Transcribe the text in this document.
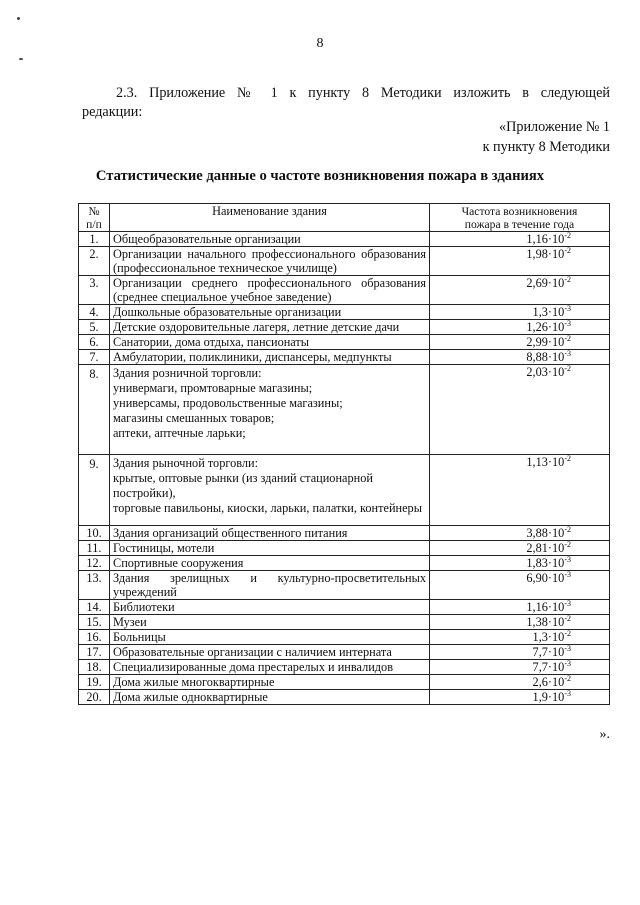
8
2.3. Приложение № 1 к пункту 8 Методики изложить в следующей
редакции:
«Приложение № 1
к пункту 8 Методики
Статистические данные о частоте возникновения пожара в зданиях
№
п/п	Наименование здания	Частота возникновения
пожара в течение года
1.	Общеобразовательные организации	$1,16\cdot 10^{-2}$
2.	Организации начального профессионального образования
(профессиональное техническое училище)	$1,98\cdot 10^{-2}$
3.	Организации среднего профессионального образования
(среднее специальное учебное заведение)	$2,69\cdot 10^{-2}$
4.	Дошкольные образовательные организации	$1,3\cdot 10^{-3}$
5.	Детские оздоровительные лагеря, летние детские дачи	$1,26\cdot 10^{-3}$
6.	Санатории, дома отдыха, пансионаты	$2,99\cdot 10^{-2}$
7.	Амбулатории, поликлиники, диспансеры, медпункты	$8,88\cdot 10^{-3}$
8.	Здания розничной торговли:
универмаги, промтоварные магазины;
универсамы, продовольственные магазины;
магазины смешанных товаров;
аптеки, аптечные ларьки;	$2,03\cdot 10^{-2}$
9.	Здания рыночной торговли:
крытые, оптовые рынки (из зданий стационарной
постройки),
торговые павильоны, киоски, ларьки, палатки, контейнеры	$1,13\cdot 10^{-2}$
10.	Здания организаций общественного питания	$3,88\cdot 10^{-2}$
11.	Гостиницы, мотели	$2,81\cdot 10^{-2}$
12.	Спортивные сооружения	$1,83\cdot 10^{-3}$
13.	Здания зрелищных и культурно-просветительных
учреждений	$6,90\cdot 10^{-3}$
14.	Библиотеки	$1,16\cdot 10^{-3}$
15.	Музеи	$1,38\cdot 10^{-2}$
16.	Больницы	$1,3\cdot 10^{-2}$
17.	Образовательные организации с наличием интерната	$7,7\cdot 10^{-3}$
18.	Специализированные дома престарелых и инвалидов	$7,7\cdot 10^{-3}$
19.	Дома жилые многоквартирные	$2,6\cdot 10^{-2}$
20.	Дома жилые одноквартирные	$1,9\cdot 10^{-3}$
».
